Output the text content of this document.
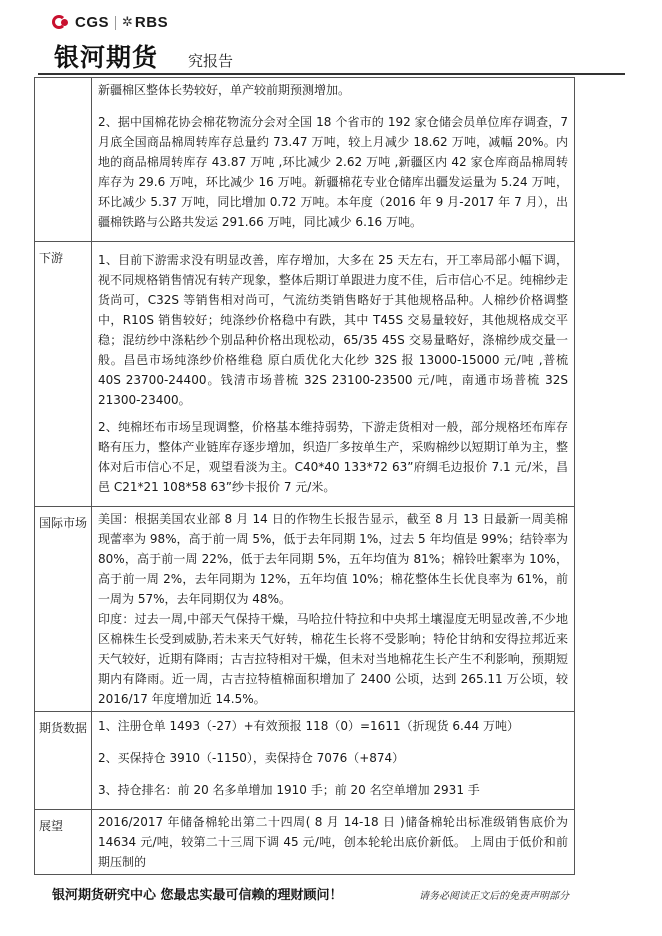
CGS ✲ RBS
银河期货 究报告

	新疆棉区整体长势较好，单产较前期预测增加。

2、据中国棉花协会棉花物流分会对全国 18 个省市的 192 家仓储会员单位库存调查，7 月底全国商品棉周转库存总量约 73.47 万吨，较上月减少 18.62 万吨，减幅 20%。内地的商品棉周转库存 43.87 万吨 ,环比减少 2.62 万吨 ,新疆区内 42 家仓库商品棉周转库存为 29.6 万吨，环比减少 16 万吨。新疆棉花专业仓储库出疆发运量为 5.24 万吨，环比减少 5.37 万吨，同比增加 0.72 万吨。本年度（2016 年 9 月-2017 年 7 月），出疆棉铁路与公路共发运 291.66 万吨，同比减少 6.16 万吨。

下游	1、目前下游需求没有明显改善，库存增加，大多在 25 天左右，开工率局部小幅下调，视不同规格销售情况有转产现象，整体后期订单跟进力度不佳，后市信心不足。纯棉纱走货尚可，C32S 等销售相对尚可，气流纺类销售略好于其他规格品种。人棉纱价格调整中，R10S 销售较好；纯涤纱价格稳中有跌，其中 T45S 交易量较好，其他规格成交平稳；混纺纱中涤粘纱个别品种价格出现松动，65/35 45S 交易量略好，涤棉纱成交量一般。昌邑市场纯涤纱价格维稳 原白质优化大化纱 32S 报 13000-15000 元/吨 ,普梳 40S 23700-24400。钱清市场普梳 32S 23100-23500 元/吨，南通市场普梳 32S 21300-23400。

2、纯棉坯布市场呈现调整，价格基本维持弱势，下游走货相对一般，部分规格坯布库存略有压力，整体产业链库存逐步增加，织造厂多按单生产，采购棉纱以短期订单为主，整体对后市信心不足，观望看淡为主。C40*40 133*72 63”府绸毛边报价 7.1 元/米，昌邑 C21*21 108*58 63”纱卡报价 7 元/米。

国际市场	美国：根据美国农业部 8 月 14 日的作物生长报告显示，截至 8 月 13 日最新一周美棉现蕾率为 98%，高于前一周 5%，低于去年同期 1%，过去 5 年均值是 99%；结铃率为 80%，高于前一周 22%，低于去年同期 5%，五年均值为 81%；棉铃吐絮率为 10%，高于前一周 2%，去年同期为 12%，五年均值 10%；棉花整体生长优良率为 61%，前一周为 57%，去年同期仅为 48%。

印度：过去一周,中部天气保持干燥，马哈拉什特拉和中央邦土壤湿度无明显改善,不少地区棉株生长受到威胁,若未来天气好转，棉花生长将不受影响；特伦甘纳和安得拉邦近来天气较好，近期有降雨；古吉拉特相对干燥，但未对当地棉花生长产生不利影响，预期短期内有降雨。近一周，古吉拉特植棉面积增加了 2400 公顷，达到 265.11 万公顷，较 2016/17 年度增加近 14.5%。

期货数据	1、注册仓单 1493（-27）+有效预报 118（0）=1611（折现货 6.44 万吨）

2、买保持仓 3910（-1150），卖保持仓 7076（+874）

3、持仓排名：前 20 名多单增加 1910 手；前 20 名空单增加 2931 手

展望	2016/2017 年储备棉轮出第二十四周( 8 月 14-18 日 )储备棉轮出标准级销售底价为 14634 元/吨，较第二十三周下调 45 元/吨，创本轮轮出底价新低。 上周由于低价和前期压制的

银河期货研究中心 您最忠实最可信赖的理财顾问！	请务必阅读正文后的免责声明部分
